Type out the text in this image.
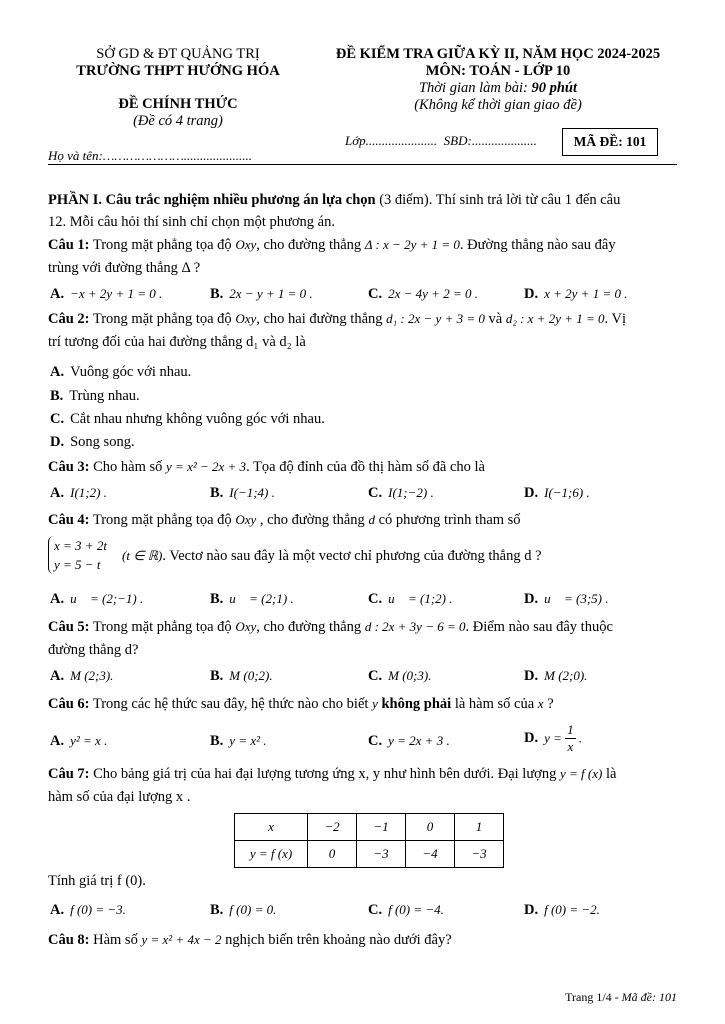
SỞ GD & ĐT QUẢNG TRỊ
TRƯỜNG THPT HƯỚNG HÓA
ĐỀ CHÍNH THỨC
(Đề có 4 trang)
ĐỀ KIỂM TRA GIỮA KỲ II, NĂM HỌC 2024-2025
MÔN: TOÁN - LỚP 10
Thời gian làm bài: 90 phút
(Không kể thời gian giao đề)
Lớp...................... SBD:....................	MÃ ĐỀ: 101
Họ và tên:………………….....................
PHẦN I. Câu trắc nghiệm nhiều phương án lựa chọn (3 điểm). Thí sinh trả lời từ câu 1 đến câu
12. Mỗi câu hỏi thí sinh chỉ chọn một phương án.
Câu 1: Trong mặt phẳng tọa độ Oxy, cho đường thẳng Δ : x − 2y + 1 = 0. Đường thẳng nào sau đây
trùng với đường thẳng Δ ?
A. −x + 2y + 1 = 0 .	B. 2x − y + 1 = 0 .	C. 2x − 4y + 2 = 0 .	D. x + 2y + 1 = 0 .
Câu 2: Trong mặt phẳng tọa độ Oxy, cho hai đường thẳng d₁ : 2x − y + 3 = 0 và d₂ : x + 2y + 1 = 0. Vị
trí tương đối của hai đường thẳng d₁ và d₂ là
A. Vuông góc với nhau.
B. Trùng nhau.
C. Cắt nhau nhưng không vuông góc với nhau.
D. Song song.
Câu 3: Cho hàm số y = x² − 2x + 3. Tọa độ đỉnh của đồ thị hàm số đã cho là
A. I(1;2) .	B. I(−1;4) .	C. I(1;−2) .	D. I(−1;6) .
Câu 4: Trong mặt phẳng tọa độ Oxy , cho đường thẳng d có phương trình tham số
x = 3 + 2t
y = 5 − t
(t ∈ ℝ). Vectơ nào sau đây là một vectơ chỉ phương của đường thẳng d ?
A. u⃗ = (2;−1) .	B. u⃗ = (2;1) .	C. u⃗ = (1;2) .	D. u⃗ = (3;5) .
Câu 5: Trong mặt phẳng tọa độ Oxy, cho đường thẳng d : 2x + 3y − 6 = 0. Điểm nào sau đây thuộc
đường thẳng d?
A. M (2;3).	B. M (0;2).	C. M (0;3).	D. M (2;0).
Câu 6: Trong các hệ thức sau đây, hệ thức nào cho biết y không phải là hàm số của x ?
A. y² = x .	B. y = x² .	C. y = 2x + 3 .	D. $y = \frac{1}{x}$ .
Câu 7: Cho bảng giá trị của hai đại lượng tương ứng x, y như hình bên dưới. Đại lượng y = f (x) là
hàm số của đại lượng x .
x	−2	−1	0	1
y = f (x)	0	−3	−4	−3
Tính giá trị f (0).
A. f (0) = −3.	B. f (0) = 0.	C. f (0) = −4.	D. f (0) = −2.
Câu 8: Hàm số y = x² + 4x − 2 nghịch biến trên khoảng nào dưới đây?
Trang 1/4 - Mã đề: 101
